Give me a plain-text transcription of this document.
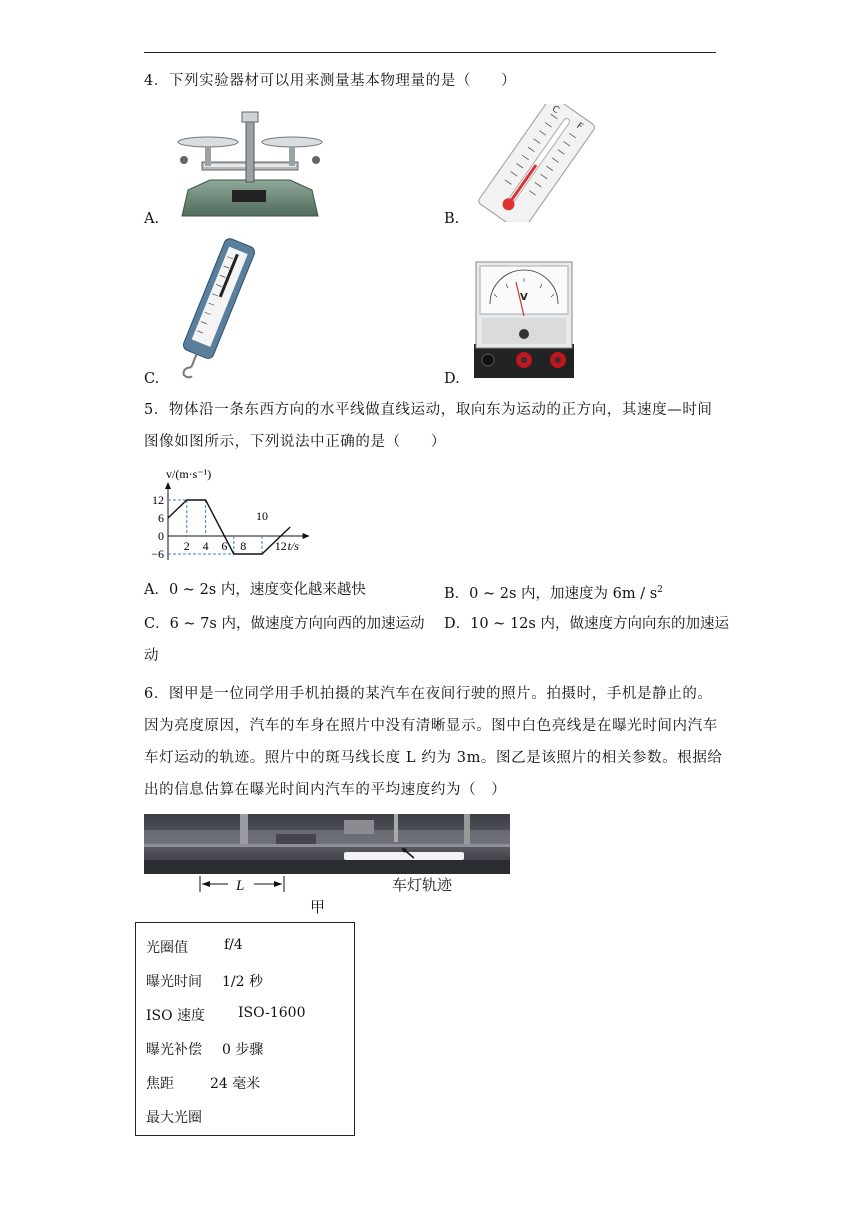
4．下列实验器材可以用来测量基本物理量的是（　　）
A.	B.
C
F
C.	D.
V
5．物体沿一条东西方向的水平线做直线运动，取向东为运动的正方向，其速度—时间
图像如图所示，下列说法中正确的是（　　）
12
6
0
−6
2 4 6 8
10
12
v/(m·s⁻¹)
t/s
A．0 ~ 2s 内，速度变化越来越快	B．0 ~ 2s 内，加速度为 $6m / s^2$
C．6 ~ 7s 内，做速度方向向西的加速运动 D．10 ~ 12s 内，做速度方向向东的加速运
动
6．图甲是一位同学用手机拍摄的某汽车在夜间行驶的照片。拍摄时，手机是静止的。
因为亮度原因，汽车的车身在照片中没有清晰显示。图中白色亮线是在曝光时间内汽车
车灯运动的轨迹。照片中的斑马线长度 L 约为 3m。图乙是该照片的相关参数。根据给
出的信息估算在曝光时间内汽车的平均速度约为（　）
L	车灯轨迹
甲
光圈值	f/4
曝光时间 1/2 秒
ISO 速度 ISO-1600
曝光补偿 0 步骤
焦距	24 毫米
最大光圈
